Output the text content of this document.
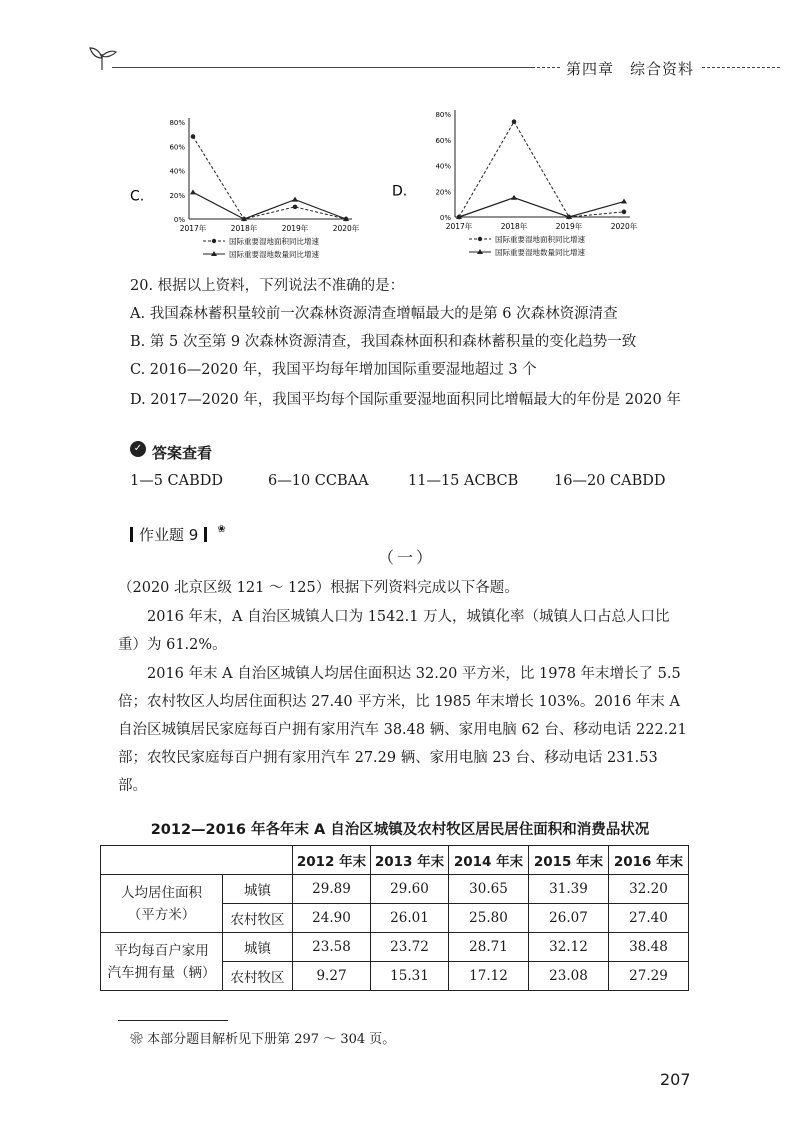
第四章　综合资料
C.
0%
20%
40%
60%
80%
2017年	2018年	2019年	2020年
国际重要湿地面积同比增速
国际重要湿地数量同比增速
D.
0%
20%
40%
60%
80%
2017年	2018年	2019年	2020年
国际重要湿地面积同比增速
国际重要湿地数量同比增速
20. 根据以上资料，下列说法不准确的是：
A. 我国森林蓄积量较前一次森林资源清查增幅最大的是第 6 次森林资源清查
B. 第 5 次至第 9 次森林资源清查，我国森林面积和森林蓄积量的变化趋势一致
C. 2016—2020 年，我国平均每年增加国际重要湿地超过 3 个
D. 2017—2020 年，我国平均每个国际重要湿地面积同比增幅最大的年份是 2020 年
✓ 答案查看
1—5 CABDD	6—10 CCBAA	11—15 ACBCB 16—20 CABDD
作业题 9 ❀
（一）
（2020 北京区级 121 ～ 125）根据下列资料完成以下各题。
2016 年末，A 自治区城镇人口为 1542.1 万人，城镇化率（城镇人口占总人口比重）为 61.2%。
2016 年末 A 自治区城镇人均居住面积达 32.20 平方米，比 1978 年末增长了 5.5 倍；农村牧区人均居住面积达 27.40 平方米，比 1985 年末增长 103%。2016 年末 A 自治区城镇居民家庭每百户拥有家用汽车 38.48 辆、家用电脑 62 台、移动电话 222.21 部；农牧民家庭每百户拥有家用汽车 27.29 辆、家用电脑 23 台、移动电话 231.53 部。
2012—2016 年各年末 A 自治区城镇及农村牧区居民居住面积和消费品状况
		2012 年末	2013 年末	2014 年末	2015 年末	2016 年末

人均居住面积
（平方米）	城镇	29.89	29.60	30.65	31.39	32.20
	农村牧区	24.90	26.01	25.80	26.07	27.40

平均每百户家用
汽车拥有量（辆）	城镇	23.58	23.72	28.71	32.12	38.48
	农村牧区	9.27	15.31	17.12	23.08	27.29
❀ 本部分题目解析见下册第 297 ～ 304 页。
207
